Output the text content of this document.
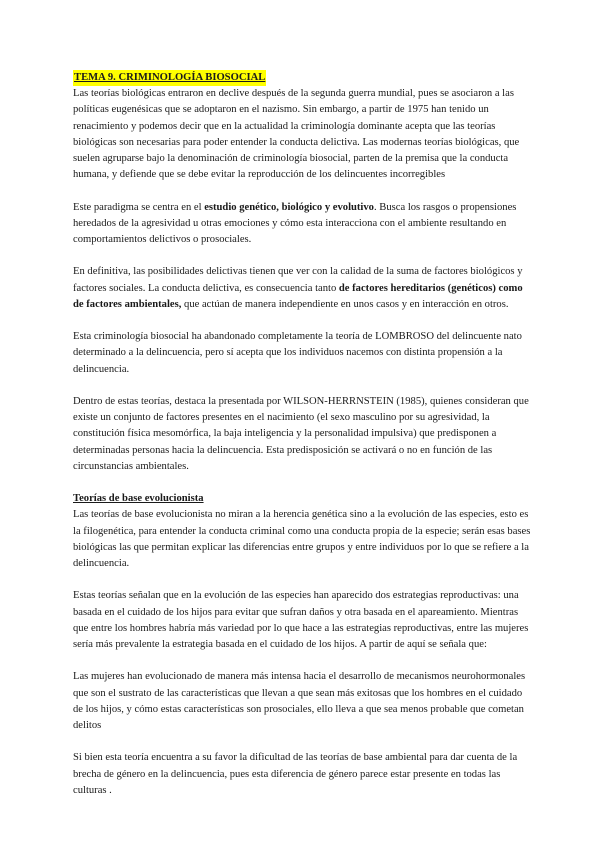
TEMA 9. CRIMINOLOGÍA BIOSOCIAL

Las teorías biológicas entraron en declive después de la segunda guerra mundial, pues se asociaron a las políticas eugenésicas que se adoptaron en el nazismo. Sin embargo, a partir de 1975 han tenido un renacimiento y podemos decir que en la actualidad la criminología dominante acepta que las teorías biológicas son necesarias para poder entender la conducta delictiva. Las modernas teorías biológicas, que suelen agruparse bajo la denominación de criminología biosocial, parten de la premisa que la conducta humana, y defiende que se debe evitar la reproducción de los delincuentes incorregibles

Este paradigma se centra en el estudio genético, biológico y evolutivo. Busca los rasgos o propensiones heredados de la agresividad u otras emociones y cómo esta interacciona con el ambiente resultando en comportamientos delictivos o prosociales.

En definitiva, las posibilidades delictivas tienen que ver con la calidad de la suma de factores biológicos y factores sociales. La conducta delictiva, es consecuencia tanto de factores hereditarios (genéticos) como de factores ambientales, que actúan de manera independiente en unos casos y en interacción en otros.

Esta criminología biosocial ha abandonado completamente la teoría de LOMBROSO del delincuente nato determinado a la delincuencia, pero sí acepta que los individuos nacemos con distinta propensión a la delincuencia.

Dentro de estas teorías, destaca la presentada por WILSON-HERRNSTEIN (1985), quienes consideran que existe un conjunto de factores presentes en el nacimiento (el sexo masculino por su agresividad, la constitución física mesomórfica, la baja inteligencia y la personalidad impulsiva) que predisponen a determinadas personas hacia la delincuencia. Esta predisposición se activará o no en función de las circunstancias ambientales.

Teorías de base evolucionista

Las teorías de base evolucionista no miran a la herencia genética sino a la evolución de las especies, esto es la filogenética, para entender la conducta criminal como una conducta propia de la especie; serán esas bases biológicas las que permitan explicar las diferencias entre grupos y entre individuos por lo que se refiere a la delincuencia.

Estas teorías señalan que en la evolución de las especies han aparecido dos estrategias reproductivas: una basada en el cuidado de los hijos para evitar que sufran daños y otra basada en el apareamiento. Mientras que entre los hombres habría más variedad por lo que hace a las estrategias reproductivas, entre las mujeres sería más prevalente la estrategia basada en el cuidado de los hijos. A partir de aquí se señala que:

Las mujeres han evolucionado de manera más intensa hacia el desarrollo de mecanismos neurohormonales que son el sustrato de las características que llevan a que sean más exitosas que los hombres en el cuidado de los hijos, y cómo estas características son prosociales, ello lleva a que sea menos probable que cometan delitos

Si bien esta teoría encuentra a su favor la dificultad de las teorías de base ambiental para dar cuenta de la brecha de género en la delincuencia, pues esta diferencia de género parece estar presente en todas las culturas .
